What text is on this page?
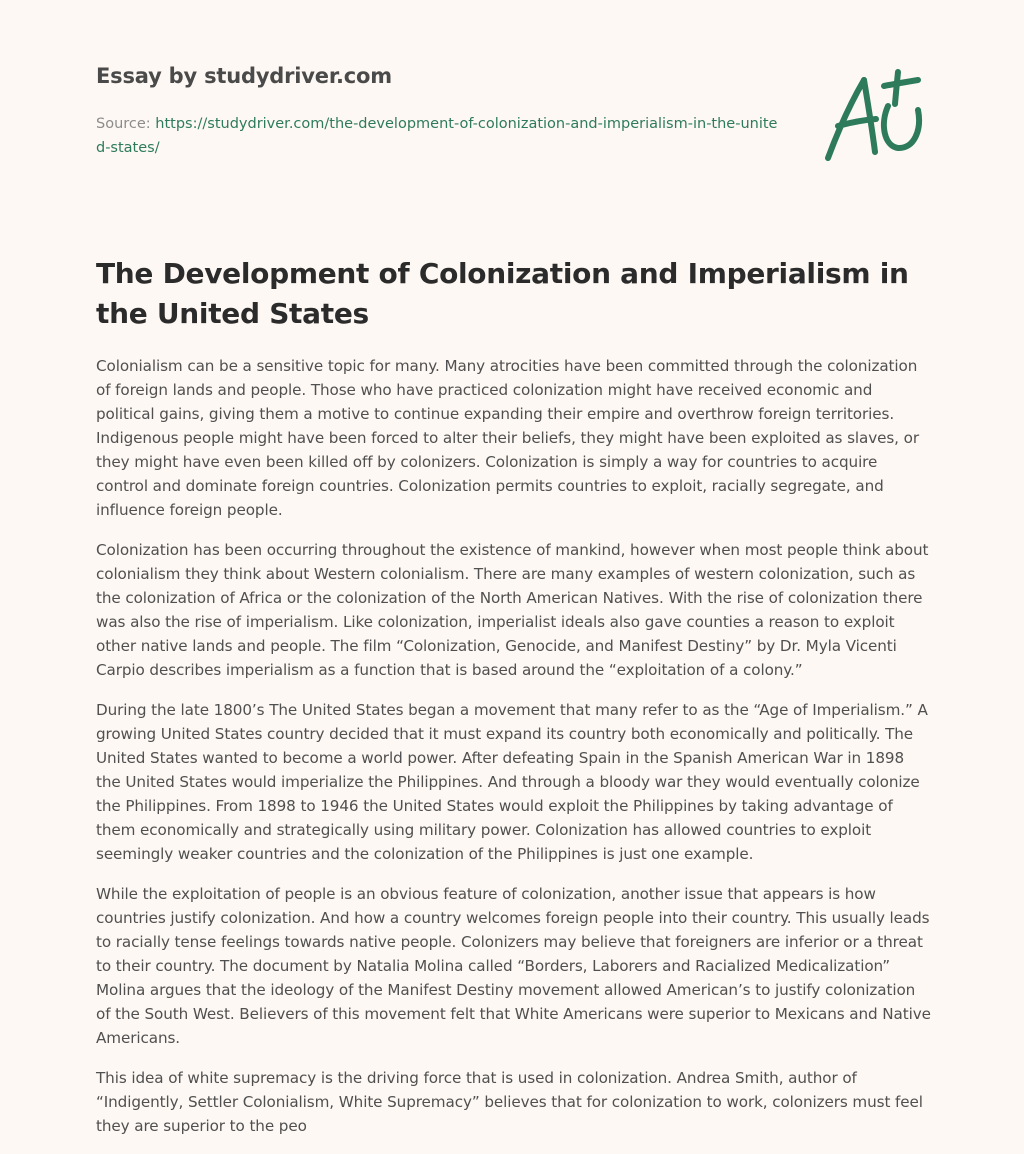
Essay by studydriver.com
Source: https://studydriver.com/the-development-of-colonization-and-imperialism-in-the-united-states/
The Development of Colonization and Imperialism in the United States

Colonialism can be a sensitive topic for many. Many atrocities have been committed through the colonization of foreign lands and people. Those who have practiced colonization might have received economic and political gains, giving them a motive to continue expanding their empire and overthrow foreign territories. Indigenous people might have been forced to alter their beliefs, they might have been exploited as slaves, or they might have even been killed off by colonizers. Colonization is simply a way for countries to acquire control and dominate foreign countries. Colonization permits countries to exploit, racially segregate, and influence foreign people.

Colonization has been occurring throughout the existence of mankind, however when most people think about colonialism they think about Western colonialism. There are many examples of western colonization, such as the colonization of Africa or the colonization of the North American Natives. With the rise of colonization there was also the rise of imperialism. Like colonization, imperialist ideals also gave counties a reason to exploit other native lands and people. The film “Colonization, Genocide, and Manifest Destiny” by Dr. Myla Vicenti Carpio describes imperialism as a function that is based around the “exploitation of a colony.”

During the late 1800’s The United States began a movement that many refer to as the “Age of Imperialism.” A growing United States country decided that it must expand its country both economically and politically. The United States wanted to become a world power. After defeating Spain in the Spanish American War in 1898 the United States would imperialize the Philippines. And through a bloody war they would eventually colonize the Philippines. From 1898 to 1946 the United States would exploit the Philippines by taking advantage of them economically and strategically using military power. Colonization has allowed countries to exploit seemingly weaker countries and the colonization of the Philippines is just one example.

While the exploitation of people is an obvious feature of colonization, another issue that appears is how countries justify colonization. And how a country welcomes foreign people into their country. This usually leads to racially tense feelings towards native people. Colonizers may believe that foreigners are inferior or a threat to their country. The document by Natalia Molina called “Borders, Laborers and Racialized Medicalization” Molina argues that the ideology of the Manifest Destiny movement allowed American’s to justify colonization of the South West. Believers of this movement felt that White Americans were superior to Mexicans and Native Americans.

This idea of white supremacy is the driving force that is used in colonization. Andrea Smith, author of “Indigently, Settler Colonialism, White Supremacy” believes that for colonization to work, colonizers must feel they are superior to the peo
